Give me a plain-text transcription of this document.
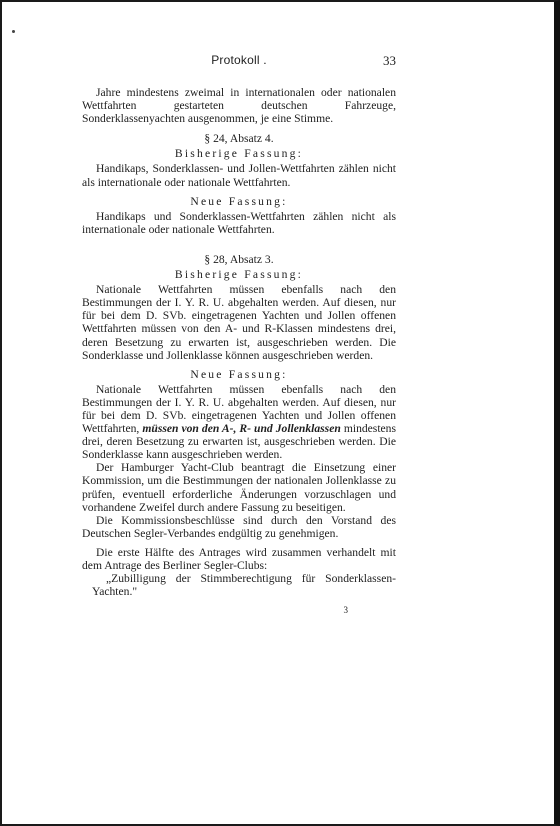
Protokoll .	33

Jahre mindestens zweimal in internationalen oder nationalen Wettfahrten gestarteten deutschen Fahrzeuge, Sonderklassenyachten ausgenommen, je eine Stimme.

§ 24, Absatz 4.
Bisherige Fassung:

Handikaps, Sonderklassen- und Jollen-Wettfahrten zählen nicht als internationale oder nationale Wettfahrten.

Neue Fassung:

Handikaps und Sonderklassen-Wettfahrten zählen nicht als internationale oder nationale Wettfahrten.

§ 28, Absatz 3.
Bisherige Fassung:

Nationale Wettfahrten müssen ebenfalls nach den Bestimmungen der I. Y. R. U. abgehalten werden. Auf diesen, nur für bei dem D. SVb. eingetragenen Yachten und Jollen offenen Wettfahrten müssen von den A- und R-Klassen mindestens drei, deren Besetzung zu erwarten ist, ausgeschrieben werden. Die Sonderklasse und Jollenklasse können ausgeschrieben werden.

Neue Fassung:

Nationale Wettfahrten müssen ebenfalls nach den Bestimmungen der I. Y. R. U. abgehalten werden. Auf diesen, nur für bei dem D. SVb. eingetragenen Yachten und Jollen offenen Wettfahrten, müssen von den A-, R- und Jollenklassen mindestens drei, deren Besetzung zu erwarten ist, ausgeschrieben werden. Die Sonderklasse kann ausgeschrieben werden.

Der Hamburger Yacht-Club beantragt die Einsetzung einer Kommission, um die Bestimmungen der nationalen Jollenklasse zu prüfen, eventuell erforderliche Änderungen vorzuschlagen und vorhandene Zweifel durch andere Fassung zu beseitigen.

Die Kommissionsbeschlüsse sind durch den Vorstand des Deutschen Segler-Verbandes endgültig zu genehmigen.

Die erste Hälfte des Antrages wird zusammen verhandelt mit dem Antrage des Berliner Segler-Clubs:

„Zubilligung der Stimmberechtigung für Sonderklassen-Yachten."

3
